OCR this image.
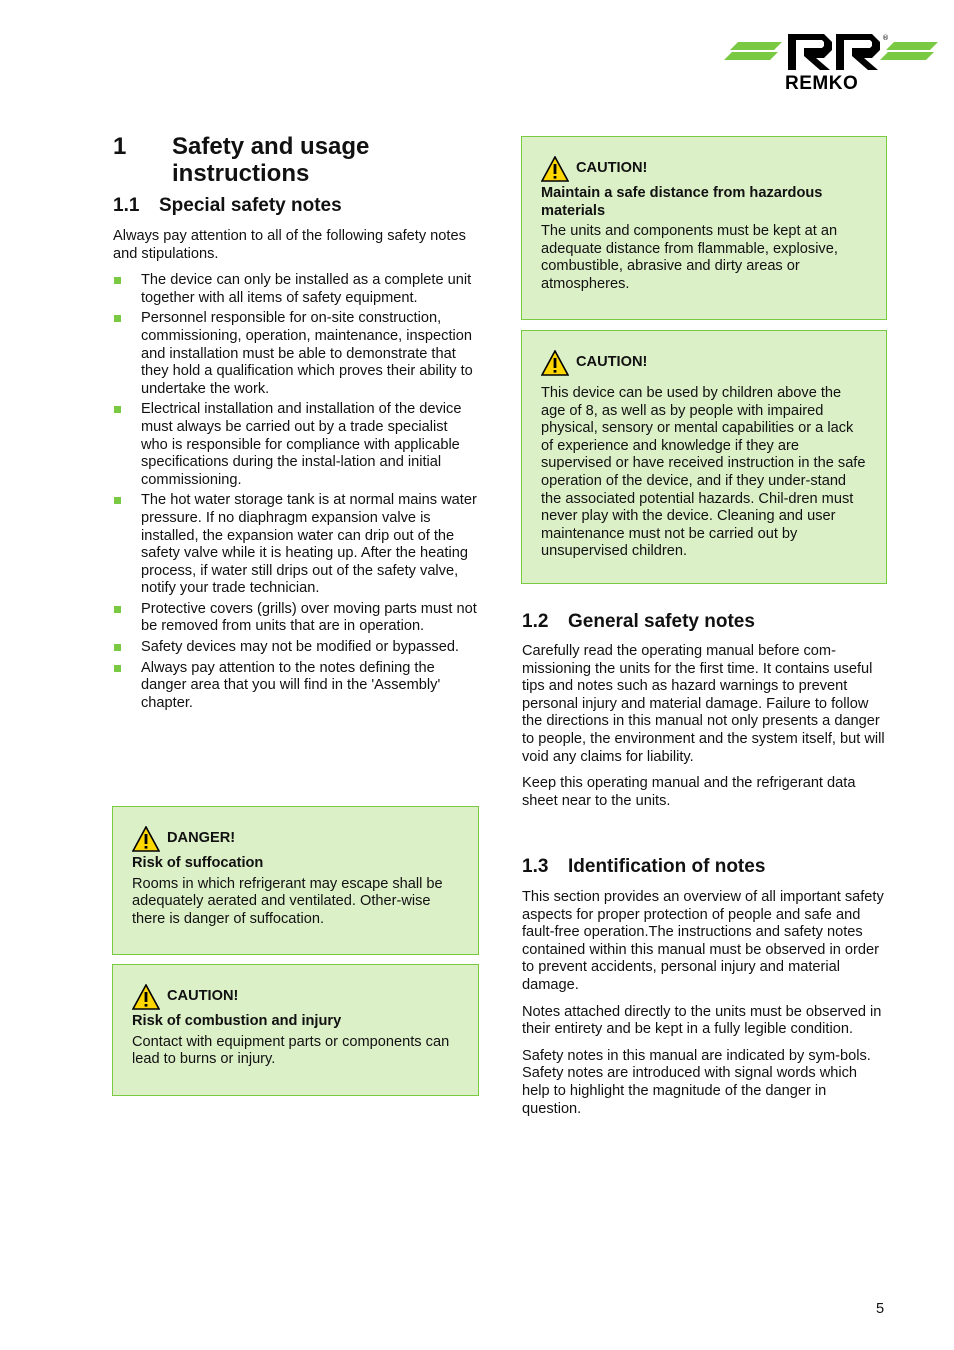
®
REMKO
1 Safety and usage instructions
1.1 Special safety notes

Always pay attention to all of the following safety notes and stipulations.

The device can only be installed as a complete unit together with all items of safety equipment.
Personnel responsible for on-site construction, commissioning, operation, maintenance, inspection and installation must be able to demonstrate that they hold a qualification which proves their ability to undertake the work.
Electrical installation and installation of the device must always be carried out by a trade specialist who is responsible for compliance with applicable specifications during the instal-lation and initial commissioning.
The hot water storage tank is at normal mains water pressure. If no diaphragm expansion valve is installed, the expansion water can drip out of the safety valve while it is heating up. After the heating process, if water still drips out of the safety valve, notify your trade technician.
Protective covers (grills) over moving parts must not be removed from units that are in operation.
Safety devices may not be modified or bypassed.
Always pay attention to the notes defining the danger area that you will find in the 'Assembly' chapter.
DANGER!

Risk of suffocation

Rooms in which refrigerant may escape shall be adequately aerated and ventilated. Other-wise there is danger of suffocation.

CAUTION!

Risk of combustion and injury

Contact with equipment parts or components can lead to burns or injury.

CAUTION!

Maintain a safe distance from hazardous materials

The units and components must be kept at an adequate distance from flammable, explosive, combustible, abrasive and dirty areas or atmospheres.

CAUTION!

This device can be used by children above the age of 8, as well as by people with impaired physical, sensory or mental capabilities or a lack of experience and knowledge if they are supervised or have received instruction in the safe operation of the device, and if they under-stand the associated potential hazards. Chil-dren must never play with the device. Cleaning and user maintenance must not be carried out by unsupervised children.

1.2 General safety notes

Carefully read the operating manual before com-missioning the units for the first time. It contains useful tips and notes such as hazard warnings to prevent personal injury and material damage. Failure to follow the directions in this manual not only presents a danger to people, the environment and the system itself, but will void any claims for liability.

Keep this operating manual and the refrigerant data sheet near to the units.

1.3 Identification of notes

This section provides an overview of all important safety aspects for proper protection of people and safe and fault-free operation.The instructions and safety notes contained within this manual must be observed in order to prevent accidents, personal injury and material damage.

Notes attached directly to the units must be observed in their entirety and be kept in a fully legible condition.

Safety notes in this manual are indicated by sym-bols. Safety notes are introduced with signal words which help to highlight the magnitude of the danger in question.

5
